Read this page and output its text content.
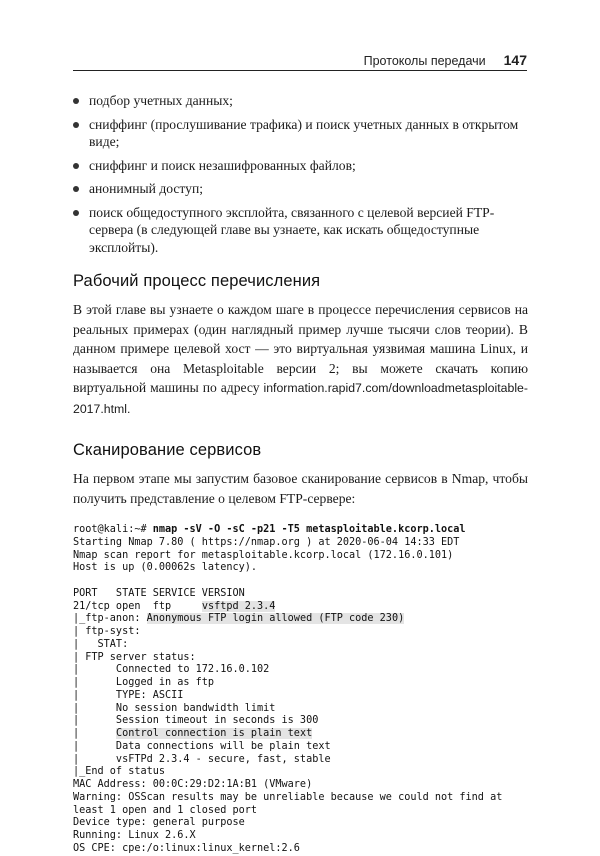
Протоколы передачи 147
подбор учетных данных;
сниффинг (прослушивание трафика) и поиск учетных данных в открытом виде;
сниффинг и поиск незашифрованных файлов;
анонимный доступ;
поиск общедоступного эксплойта, связанного с целевой версией FTP-сервера (в следующей главе вы узнаете, как искать общедоступные эксплойты).
Рабочий процесс перечисления

В этой главе вы узнаете о каждом шаге в процессе перечисления сервисов на реальных примерах (один наглядный пример лучше тысячи слов теории). В данном примере целевой хост — это виртуальная уязвимая машина Linux, и называется она Metasploitable версии 2; вы можете скачать копию виртуальной машины по адресу information.rapid7.com/downloadmetasploitable-2017.html.

Сканирование сервисов

На первом этапе мы запустим базовое сканирование сервисов в Nmap, чтобы получить представление о целевом FTP-сервере:

root@kali:~# nmap -sV -O -sC -p21 -T5 metasploitable.kcorp.local
Starting Nmap 7.80 ( https://nmap.org ) at 2020-06-04 14:33 EDT
Nmap scan report for metasploitable.kcorp.local (172.16.0.101)
Host is up (0.00062s latency).

PORT   STATE SERVICE VERSION
21/tcp open  ftp     vsftpd 2.3.4
|_ftp-anon: Anonymous FTP login allowed (FTP code 230)
| ftp-syst:
|   STAT:
| FTP server status:
|      Connected to 172.16.0.102
|      Logged in as ftp
|      TYPE: ASCII
|      No session bandwidth limit
|      Session timeout in seconds is 300
|      Control connection is plain text
|      Data connections will be plain text
|      vsFTPd 2.3.4 - secure, fast, stable
|_End of status
MAC Address: 00:0C:29:D2:1A:B1 (VMware)
Warning: OSScan results may be unreliable because we could not find at
least 1 open and 1 closed port
Device type: general purpose
Running: Linux 2.6.X
OS CPE: cpe:/o:linux:linux_kernel:2.6
